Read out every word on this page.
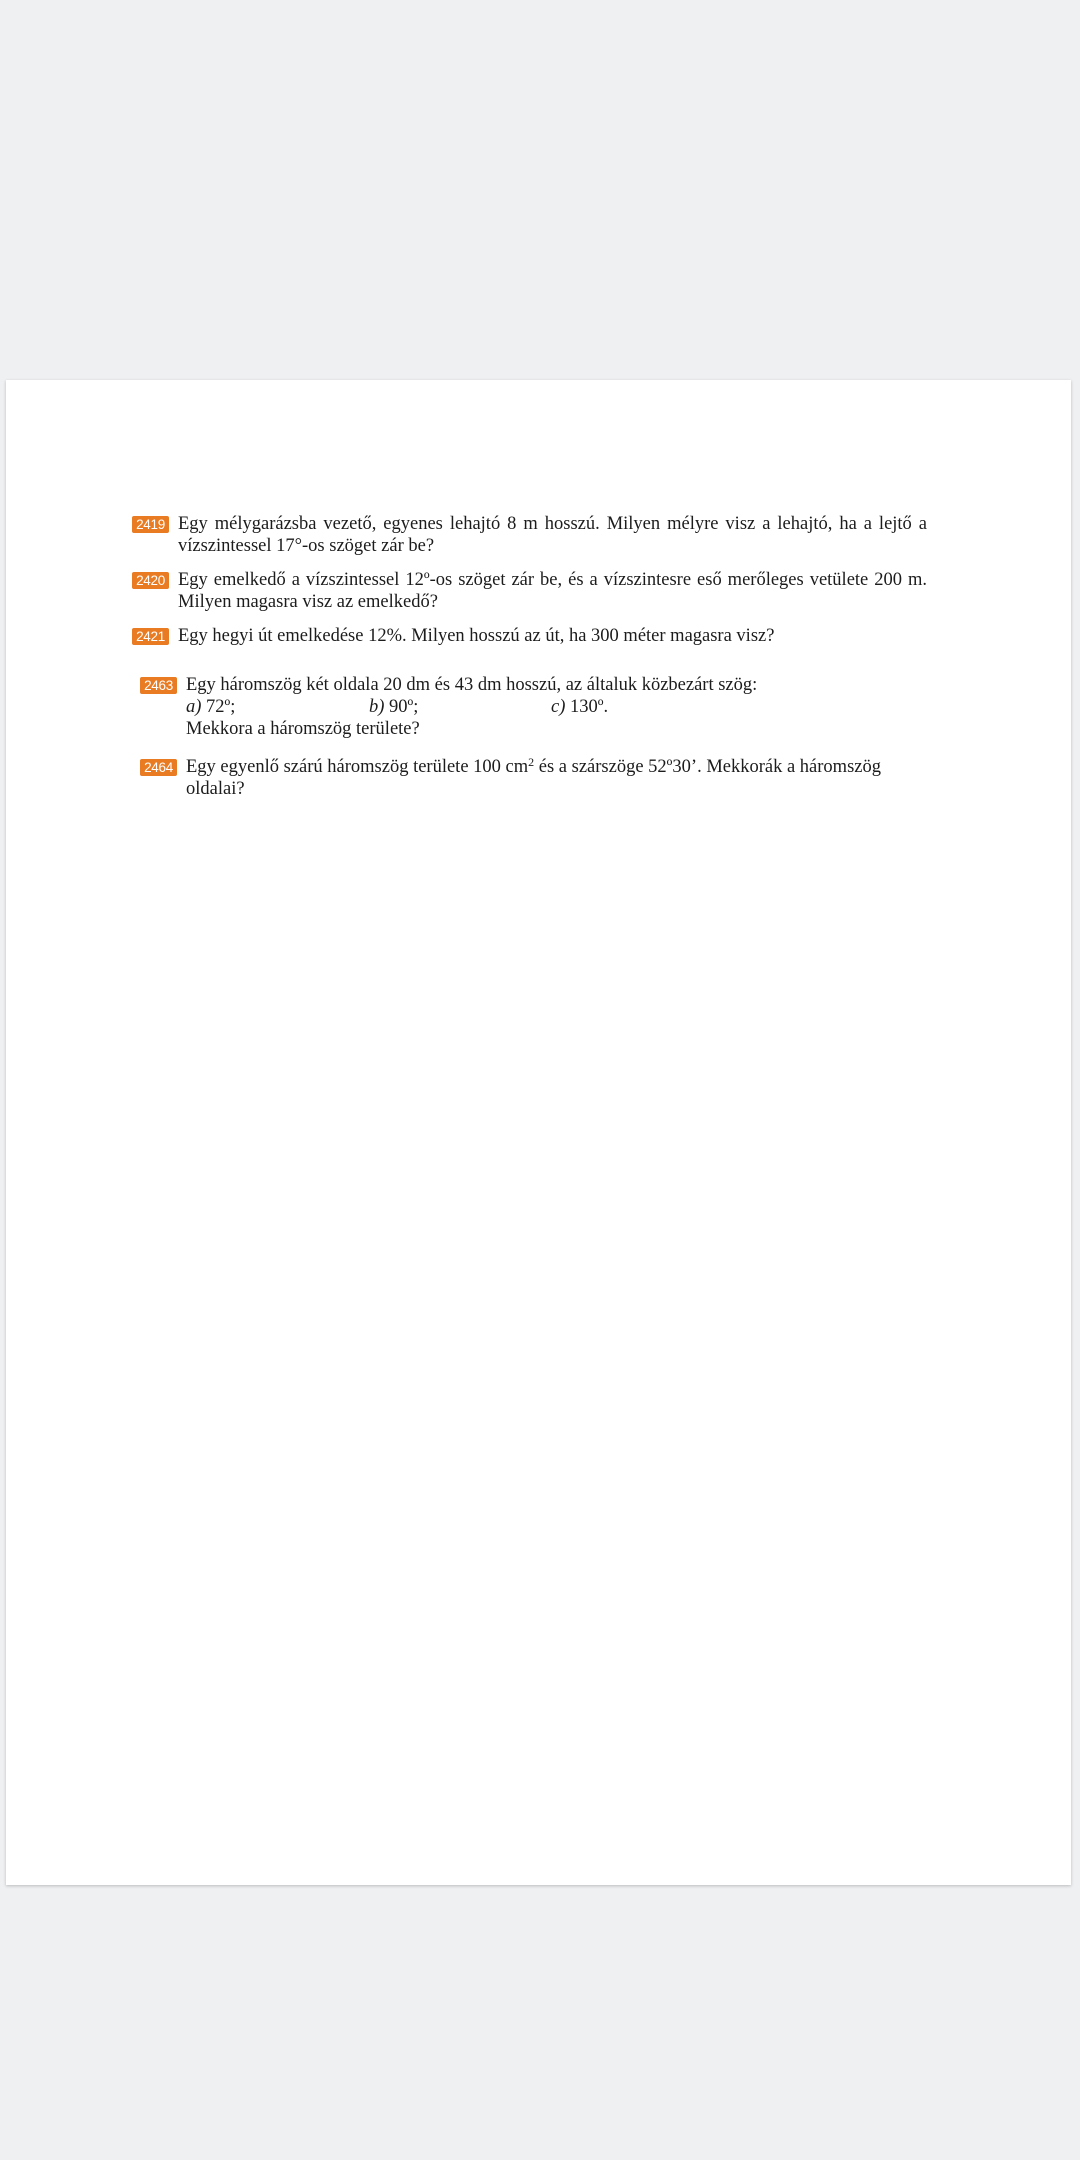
2419 Egy mélygarázsba vezető, egyenes lehajtó 8 m hosszú. Milyen mélyre visz a lehajtó, ha a lejtő a vízszintessel 17°-os szöget zár be?
2420 Egy emelkedő a vízszintessel 12º-os szöget zár be, és a vízszintesre eső merőleges vetülete 200 m. Milyen magasra visz az emelkedő?
2421 Egy hegyi út emelkedése 12%. Milyen hosszú az út, ha 300 méter magasra visz?
2463 Egy háromszög két oldala 20 dm és 43 dm hosszú, az általuk közbezárt szög:
a) 72º;	b) 90º;	c) 130º.
Mekkora a háromszög területe?
2464 Egy egyenlő szárú háromszög területe 100 $cm^2$ és a szárszöge 52º30’. Mekkorák a háromszög oldalai?
